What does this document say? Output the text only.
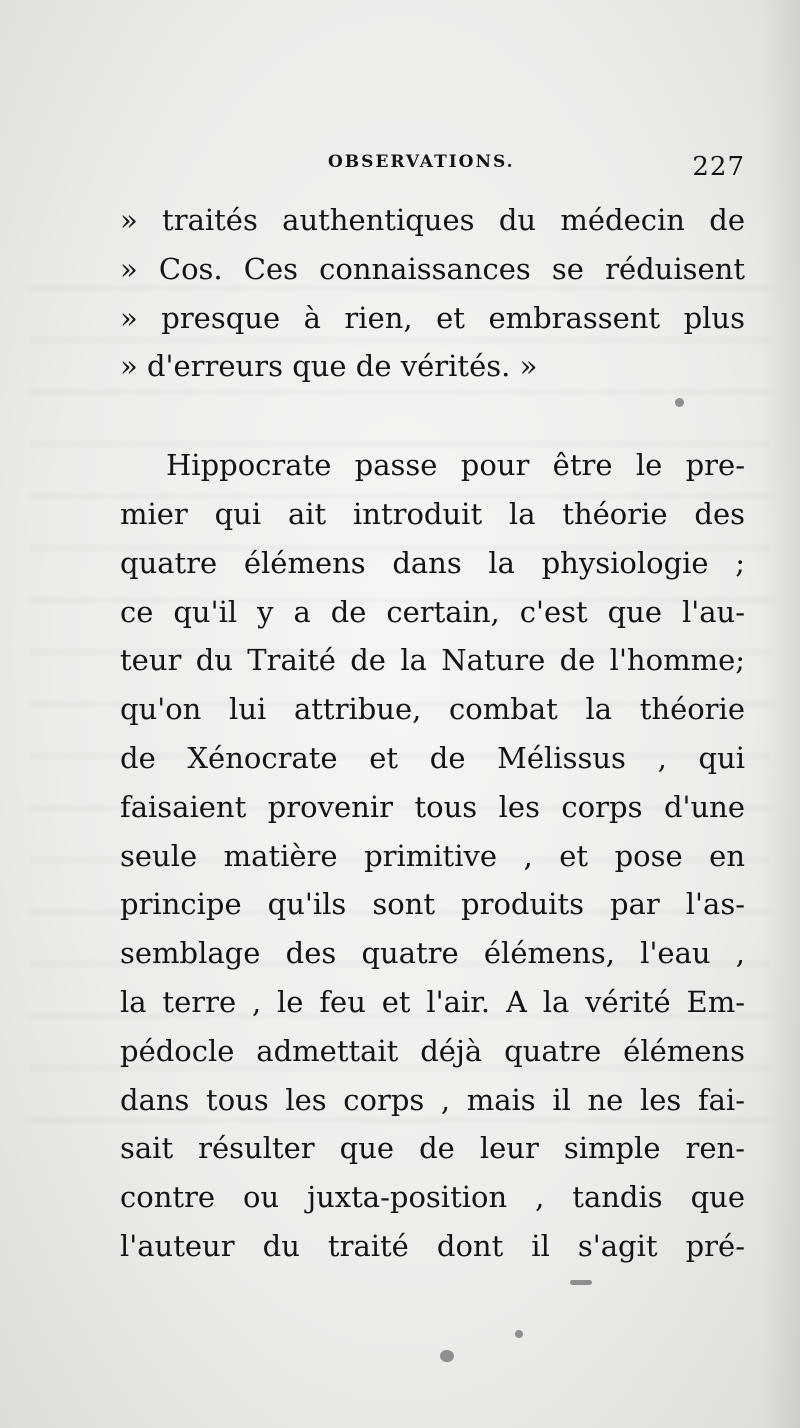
OBSERVATIONS.	227
» traités authentiques du médecin de
» Cos. Ces connaissances se réduisent
» presque à rien, et embrassent plus
» d'erreurs que de vérités. »
Hippocrate passe pour être le pre-
mier qui ait introduit la théorie des
quatre élémens dans la physiologie ;
ce qu'il y a de certain, c'est que l'au-
teur du Traité de la Nature de l'homme;
qu'on lui attribue, combat la théorie
de Xénocrate et de Mélissus , qui
faisaient provenir tous les corps d'une
seule matière primitive , et pose en
principe qu'ils sont produits par l'as-
semblage des quatre élémens, l'eau ,
la terre , le feu et l'air. A la vérité Em-
pédocle admettait déjà quatre élémens
dans tous les corps , mais il ne les fai-
sait résulter que de leur simple ren-
contre ou juxta-position , tandis que
l'auteur du traité dont il s'agit pré-
